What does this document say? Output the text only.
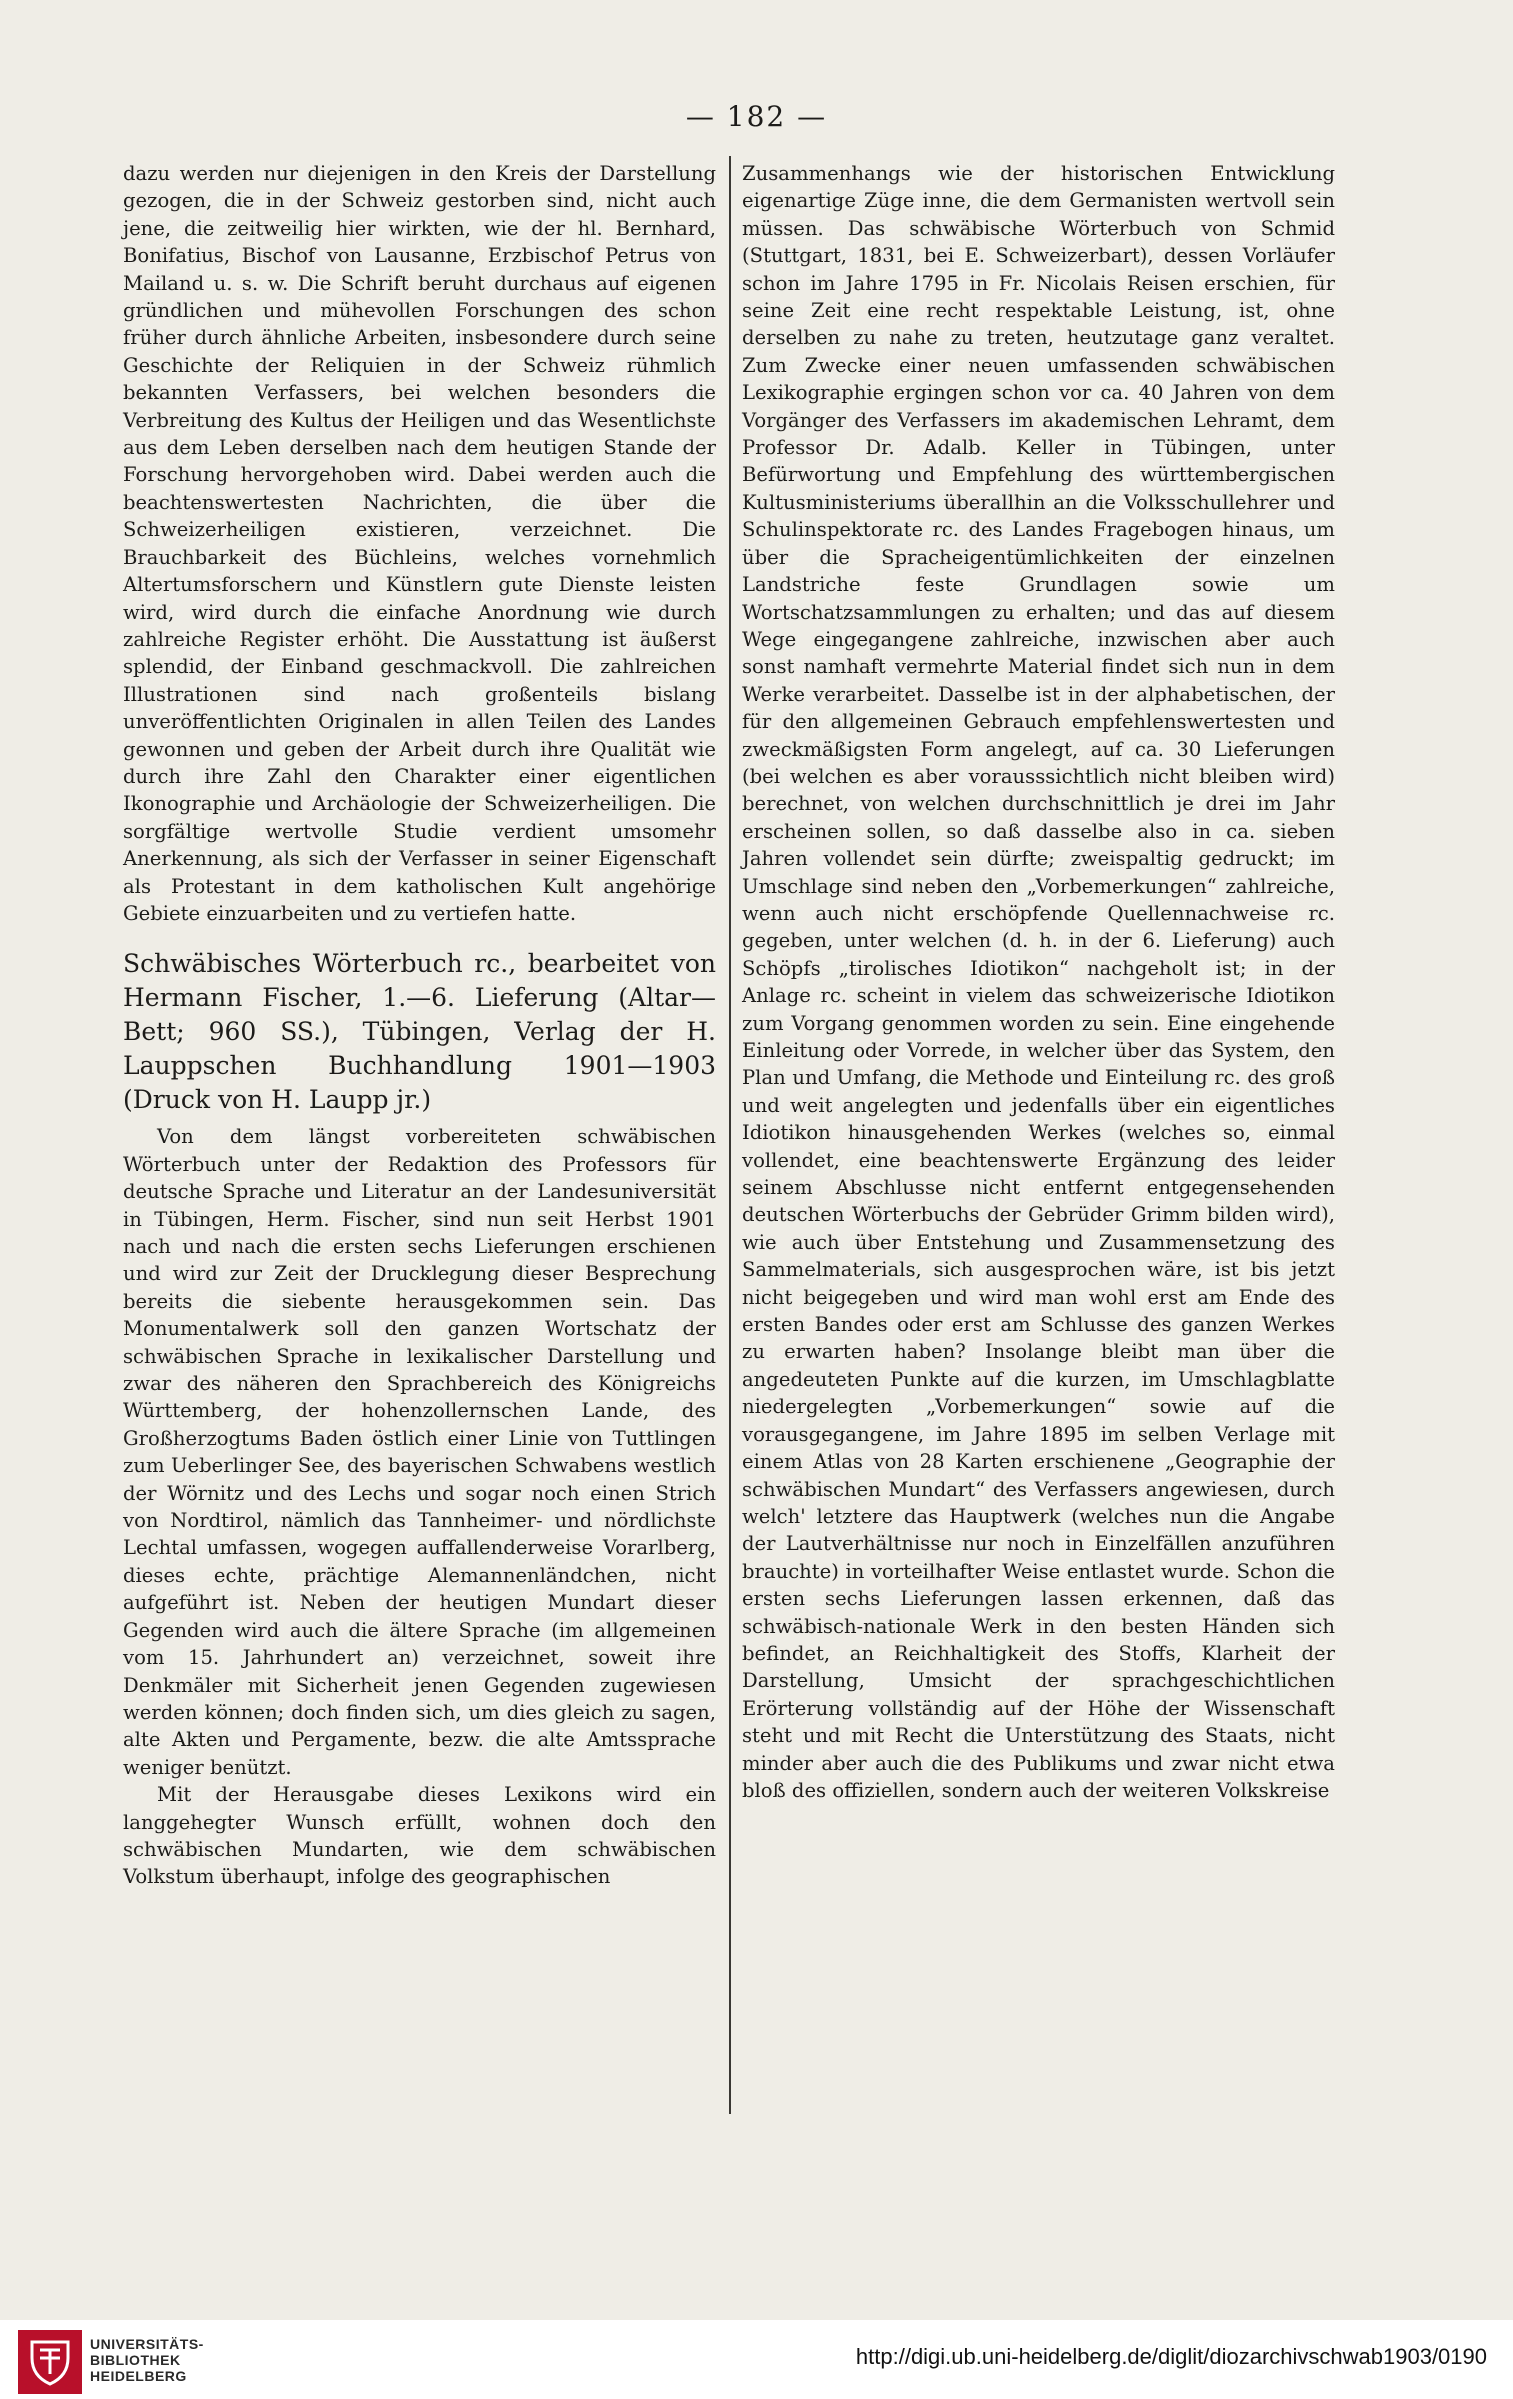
— 182 —

dazu werden nur diejenigen in den Kreis der Darstellung gezogen, die in der Schweiz gestorben sind, nicht auch jene, die zeitweilig hier wirkten, wie der hl. Bernhard, Bonifatius, Bischof von Lausanne, Erzbischof Petrus von Mailand u. s. w. Die Schrift beruht durchaus auf eigenen gründlichen und mühevollen Forschungen des schon früher durch ähnliche Arbeiten, insbesondere durch seine Geschichte der Reliquien in der Schweiz rühmlich bekannten Verfassers, bei welchen besonders die Verbreitung des Kultus der Heiligen und das Wesentlichste aus dem Leben derselben nach dem heutigen Stande der Forschung hervorgehoben wird. Dabei werden auch die beachtenswertesten Nachrichten, die über die Schweizerheiligen existieren, verzeichnet. Die Brauchbarkeit des Büchleins, welches vornehmlich Altertumsforschern und Künstlern gute Dienste leisten wird, wird durch die einfache Anordnung wie durch zahlreiche Register erhöht. Die Ausstattung ist äußerst splendid, der Einband geschmackvoll. Die zahlreichen Illustrationen sind nach großenteils bislang unveröffentlichten Originalen in allen Teilen des Landes gewonnen und geben der Arbeit durch ihre Qualität wie durch ihre Zahl den Charakter einer eigentlichen Ikonographie und Archäologie der Schweizerheiligen. Die sorgfältige wertvolle Studie verdient umsomehr Anerkennung, als sich der Verfasser in seiner Eigenschaft als Protestant in dem katholischen Kult angehörige Gebiete einzuarbeiten und zu vertiefen hatte.

Schwäbisches Wörterbuch rc., bearbeitet von Hermann Fischer, 1.—6. Lieferung (Altar—Bett; 960 SS.), Tübingen, Verlag der H. Lauppschen Buchhandlung 1901—1903 (Druck von H. Laupp jr.)

Von dem längst vorbereiteten schwäbischen Wörterbuch unter der Redaktion des Professors für deutsche Sprache und Literatur an der Landesuniversität in Tübingen, Herm. Fischer, sind nun seit Herbst 1901 nach und nach die ersten sechs Lieferungen erschienen und wird zur Zeit der Drucklegung dieser Besprechung bereits die siebente herausgekommen sein. Das Monumentalwerk soll den ganzen Wortschatz der schwäbischen Sprache in lexikalischer Darstellung und zwar des näheren den Sprachbereich des Königreichs Württemberg, der hohenzollernschen Lande, des Großherzogtums Baden östlich einer Linie von Tuttlingen zum Ueberlinger See, des bayerischen Schwabens westlich der Wörnitz und des Lechs und sogar noch einen Strich von Nordtirol, nämlich das Tannheimer- und nördlichste Lechtal umfassen, wogegen auffallenderweise Vorarlberg, dieses echte, prächtige Alemannenländchen, nicht aufgeführt ist. Neben der heutigen Mundart dieser Gegenden wird auch die ältere Sprache (im allgemeinen vom 15. Jahrhundert an) verzeichnet, soweit ihre Denkmäler mit Sicherheit jenen Gegenden zugewiesen werden können; doch finden sich, um dies gleich zu sagen, alte Akten und Pergamente, bezw. die alte Amtssprache weniger benützt.

Mit der Herausgabe dieses Lexikons wird ein langgehegter Wunsch erfüllt, wohnen doch den schwäbischen Mundarten, wie dem schwäbischen Volkstum überhaupt, infolge des geographischen

Zusammenhangs wie der historischen Entwicklung eigenartige Züge inne, die dem Germanisten wertvoll sein müssen. Das schwäbische Wörterbuch von Schmid (Stuttgart, 1831, bei E. Schweizerbart), dessen Vorläufer schon im Jahre 1795 in Fr. Nicolais Reisen erschien, für seine Zeit eine recht respektable Leistung, ist, ohne derselben zu nahe zu treten, heutzutage ganz veraltet. Zum Zwecke einer neuen umfassenden schwäbischen Lexikographie ergingen schon vor ca. 40 Jahren von dem Vorgänger des Verfassers im akademischen Lehramt, dem Professor Dr. Adalb. Keller in Tübingen, unter Befürwortung und Empfehlung des württembergischen Kultusministeriums überallhin an die Volksschullehrer und Schulinspektorate rc. des Landes Fragebogen hinaus, um über die Spracheigentümlichkeiten der einzelnen Landstriche feste Grundlagen sowie um Wortschatzsammlungen zu erhalten; und das auf diesem Wege eingegangene zahlreiche, inzwischen aber auch sonst namhaft vermehrte Material findet sich nun in dem Werke verarbeitet. Dasselbe ist in der alphabetischen, der für den allgemeinen Gebrauch empfehlenswertesten und zweckmäßigsten Form angelegt, auf ca. 30 Lieferungen (bei welchen es aber vorausssichtlich nicht bleiben wird) berechnet, von welchen durchschnittlich je drei im Jahr erscheinen sollen, so daß dasselbe also in ca. sieben Jahren vollendet sein dürfte; zweispaltig gedruckt; im Umschlage sind neben den „Vorbemerkungen“ zahlreiche, wenn auch nicht erschöpfende Quellennachweise rc. gegeben, unter welchen (d. h. in der 6. Lieferung) auch Schöpfs „tirolisches Idiotikon“ nachgeholt ist; in der Anlage rc. scheint in vielem das schweizerische Idiotikon zum Vorgang genommen worden zu sein. Eine eingehende Einleitung oder Vorrede, in welcher über das System, den Plan und Umfang, die Methode und Einteilung rc. des groß und weit angelegten und jedenfalls über ein eigentliches Idiotikon hinausgehenden Werkes (welches so, einmal vollendet, eine beachtenswerte Ergänzung des leider seinem Abschlusse nicht entfernt entgegensehenden deutschen Wörterbuchs der Gebrüder Grimm bilden wird), wie auch über Entstehung und Zusammensetzung des Sammelmaterials, sich ausgesprochen wäre, ist bis jetzt nicht beigegeben und wird man wohl erst am Ende des ersten Bandes oder erst am Schlusse des ganzen Werkes zu erwarten haben? Insolange bleibt man über die angedeuteten Punkte auf die kurzen, im Umschlagblatte niedergelegten „Vorbemerkungen“ sowie auf die vorausgegangene, im Jahre 1895 im selben Verlage mit einem Atlas von 28 Karten erschienene „Geographie der schwäbischen Mundart“ des Verfassers angewiesen, durch welch' letztere das Hauptwerk (welches nun die Angabe der Lautverhältnisse nur noch in Einzelfällen anzuführen brauchte) in vorteilhafter Weise entlastet wurde. Schon die ersten sechs Lieferungen lassen erkennen, daß das schwäbisch-nationale Werk in den besten Händen sich befindet, an Reichhaltigkeit des Stoffs, Klarheit der Darstellung, Umsicht der sprachgeschichtlichen Erörterung vollständig auf der Höhe der Wissenschaft steht und mit Recht die Unterstützung des Staats, nicht minder aber auch die des Publikums und zwar nicht etwa bloß des offiziellen, sondern auch der weiteren Volkskreise

UNIVERSITÄTS-
BIBLIOTHEK
HEIDELBERG
http://digi.ub.uni-heidelberg.de/diglit/diozarchivschwab1903/0190
